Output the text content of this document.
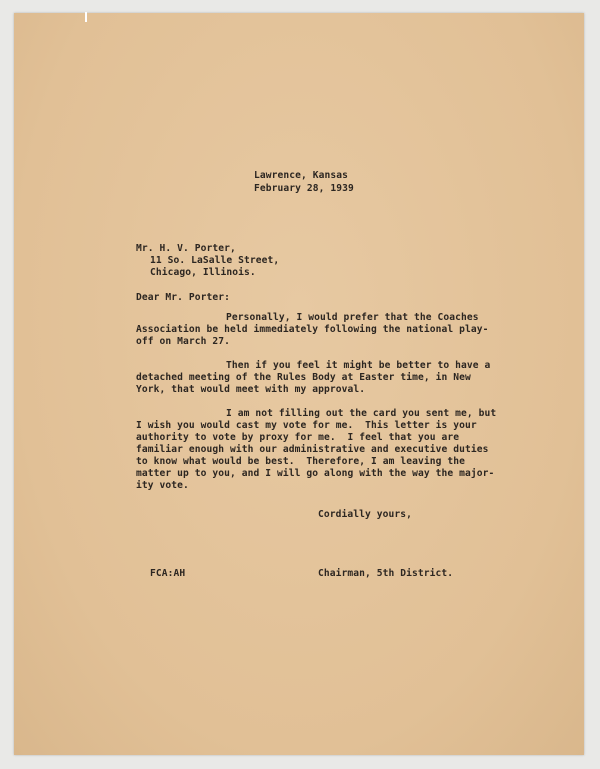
Lawrence, Kansas
February 28, 1939
Mr. H. V. Porter,
11 So. LaSalle Street,
Chicago, Illinois.
Dear Mr. Porter:
Personally, I would prefer that the Coaches
Association be held immediately following the national play-
off on March 27.
Then if you feel it might be better to have a
detached meeting of the Rules Body at Easter time, in New
York, that would meet with my approval.
I am not filling out the card you sent me, but
I wish you would cast my vote for me.  This letter is your
authority to vote by proxy for me.  I feel that you are
familiar enough with our administrative and executive duties
to know what would be best.  Therefore, I am leaving the
matter up to you, and I will go along with the way the major-
ity vote.
Cordially yours,
FCA:AH	Chairman, 5th District.
